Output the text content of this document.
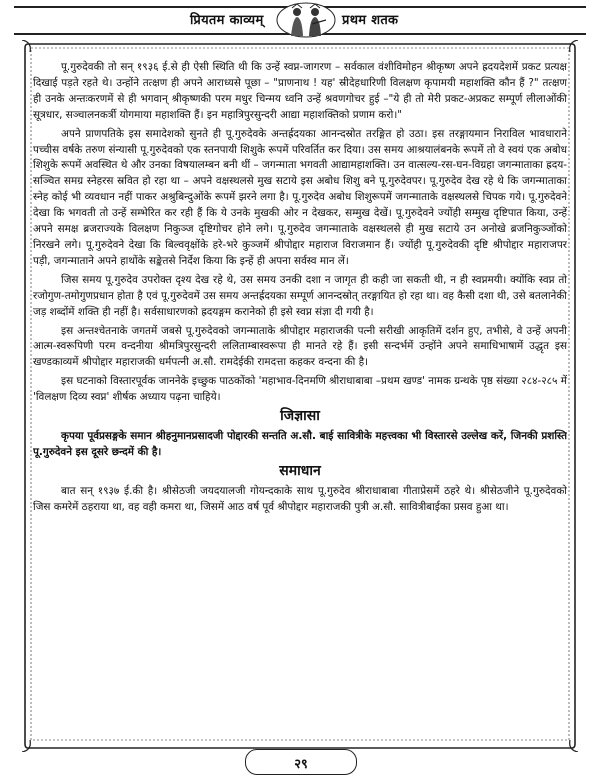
प्रियतम काव्यम्	प्रथम शतक

पू.गुरुदेवकी तो सन् १९३६ ई.से ही ऐसी स्थिति थी कि उन्हें स्वप्न-जागरण – सर्वकाल वंशीविमोहन श्रीकृष्ण अपने ह्रदयदेशमें प्रकट प्रत्यक्ष दिखाई पड़ते रहते थे। उन्होंने तत्क्षण ही अपने आराध्यसे पूछा – "प्राणनाथ ! यह' स्रीदेहधारिणी विलक्षण कृपामयी महाशक्ति कौन हैं ?" तत्क्षण ही उनके अन्तःकरणमें से ही भगवान् श्रीकृष्णकी परम मधुर चिन्मय ध्वनि उन्हें श्रवणगोचर हुई –"ये ही तो मेरी प्रकट-अप्रकट सम्पूर्ण लीलाओंकी सूत्रधार, सञ्चालनकर्त्री योगमाया महाशक्ति हैं। इन महात्रिपुरसुन्दरी आद्या महाशक्तिको प्रणाम करो।"

अपने प्राणपतिके इस समादेशको सुनते ही पू.गुरुदेवके अन्तर्ह्रदयका आनन्दस्रोत तरङ्गित हो उठा। इस तरङ्गायमान निराविल भावधाराने पच्चीस वर्षके तरुण संन्यासी पू.गुरुदेवको एक स्तनपायी शिशुके रूपमें परिवर्तित कर दिया। उस समय आश्रयालंबनके रूपमें तो वे स्वयं एक अबोध शिशुके रूपमें अवस्थित थे और उनका विषयालम्बन बनी थीं – जगन्माता भगवती आद्यामहाशक्ति। उन वात्सल्य-रस-घन-विग्रहा जगन्माताका ह्रदय-सञ्चित समग्र स्नेहरस स्रवित हो रहा था – अपने वक्षस्थलसे मुख सटाये इस अबोध शिशु बने पू.गुरुदेवपर। पू.गुरुदेव देख रहे थे कि जगन्माताका स्नेह कोई भी व्यवधान नहीं पाकर अश्रुबिन्दुओंके रूपमें झरने लगा है। पू.गुरुदेव अबोध शिशुरूपमें जगन्माताके वक्षस्थलसे चिपक गये। पू.गुरुदेवने देखा कि भगवती तो उन्हें सम्भेरित कर रही हैं कि ये उनके मुखकी ओर न देखकर, सम्मुख देखें। पू.गुरुदेवने ज्योंही सम्मुख दृष्टिपात किया, उन्हें अपने समक्ष ब्रजराज्यके विलक्षण निकुञ्ज दृष्टिगोचर होने लगे। पू.गुरुदेव जगन्माताके वक्षस्थलसे ही मुख सटाये उन अनोखे ब्रजनिकुञ्जोंको निरखने लगे। पू.गुरुदेवने देखा कि बिल्ववृक्षोंके हरे-भरे कुञ्जमें श्रीपोद्दार महाराज विराजमान हैं। ज्योंही पू.गुरुदेवकी दृष्टि श्रीपोद्दार महाराजपर पड़ी, जगन्माताने अपने हाथोंके सङ्केतसे निर्देश किया कि इन्हें ही अपना सर्वस्व मान लें।

जिस समय पू.गुरुदेव उपरोक्त दृश्य देख रहे थे, उस समय उनकी दशा न जागृत ही कही जा सकती थी, न ही स्वप्नमयी। क्योंकि स्वप्न तो रजोगुण-तमोगुणप्रधान होता है एवं पू.गुरुदेवमें उस समय अन्तर्ह्रदयका सम्पूर्ण आनन्दस्रोत् तरङ्गायित हो रहा था। वह कैसी दशा थी, उसे बतलानेकी जड़ शब्दोंमें शक्ति ही नहीं है। सर्वसाधारणको ह्रदयङ्गम करानेको ही इसे स्वप्न संज्ञा दी गयी है।

इस अन्तश्चेतनाके जगतमें जबसे पू.गुरुदेवको जगन्माताके श्रीपोद्दार महाराजकी पत्नी सरीखी आकृतिमें दर्शन हुए, तभीसे, वे उन्हें अपनी आत्म-स्वरूपिणी परम वन्दनीया श्रीमत्रिपुरसुन्दरी ललिताम्बास्वरूपा ही मानते रहे हैं। इसी सन्दर्भमें उन्होंने अपने समाधिभाषामें उद्धृत इस खण्डकाव्यमें श्रीपोद्दार महाराजकी धर्मपत्नी अ.सौ. रामदेईकी रामदत्ता कहकर वन्दना की है।

इस घटनाको विस्तारपूर्वक जाननेके इच्छुक पाठकोंको 'महाभाव-दिनमणि श्रीराधाबाबा –प्रथम खण्ड' नामक ग्रन्थके पृष्ठ संख्या २८४-२८५ में 'विलक्षण दिव्य स्वप्न' शीर्षक अध्याय पढ़ना चाहिये।

जिज्ञासा

कृपया पूर्वप्रसङ्गके समान श्रीहनुमानप्रसादजी पोद्दारकी सन्तति अ.सौ. बाई सावित्रीके महत्त्वका भी विस्तारसे उल्लेख करें, जिनकी प्रशस्ति पू.गुरुदेवने इस दूसरे छन्दमें की है।

समाधान

बात सन् १९३७ ई.की है। श्रीसेठजी जयदयालजी गोयन्दकाके साथ पू.गुरुदेव श्रीराधाबाबा गीताप्रेसमें ठहरे थे। श्रीसेठजीने पू.गुरुदेवको जिस कमरेमें ठहराया था, वह वही कमरा था, जिसमें आठ वर्ष पूर्व श्रीपोद्दार महाराजकी पुत्री अ.सौ. सावित्रीबाईका प्रसव हुआ था।

२९
